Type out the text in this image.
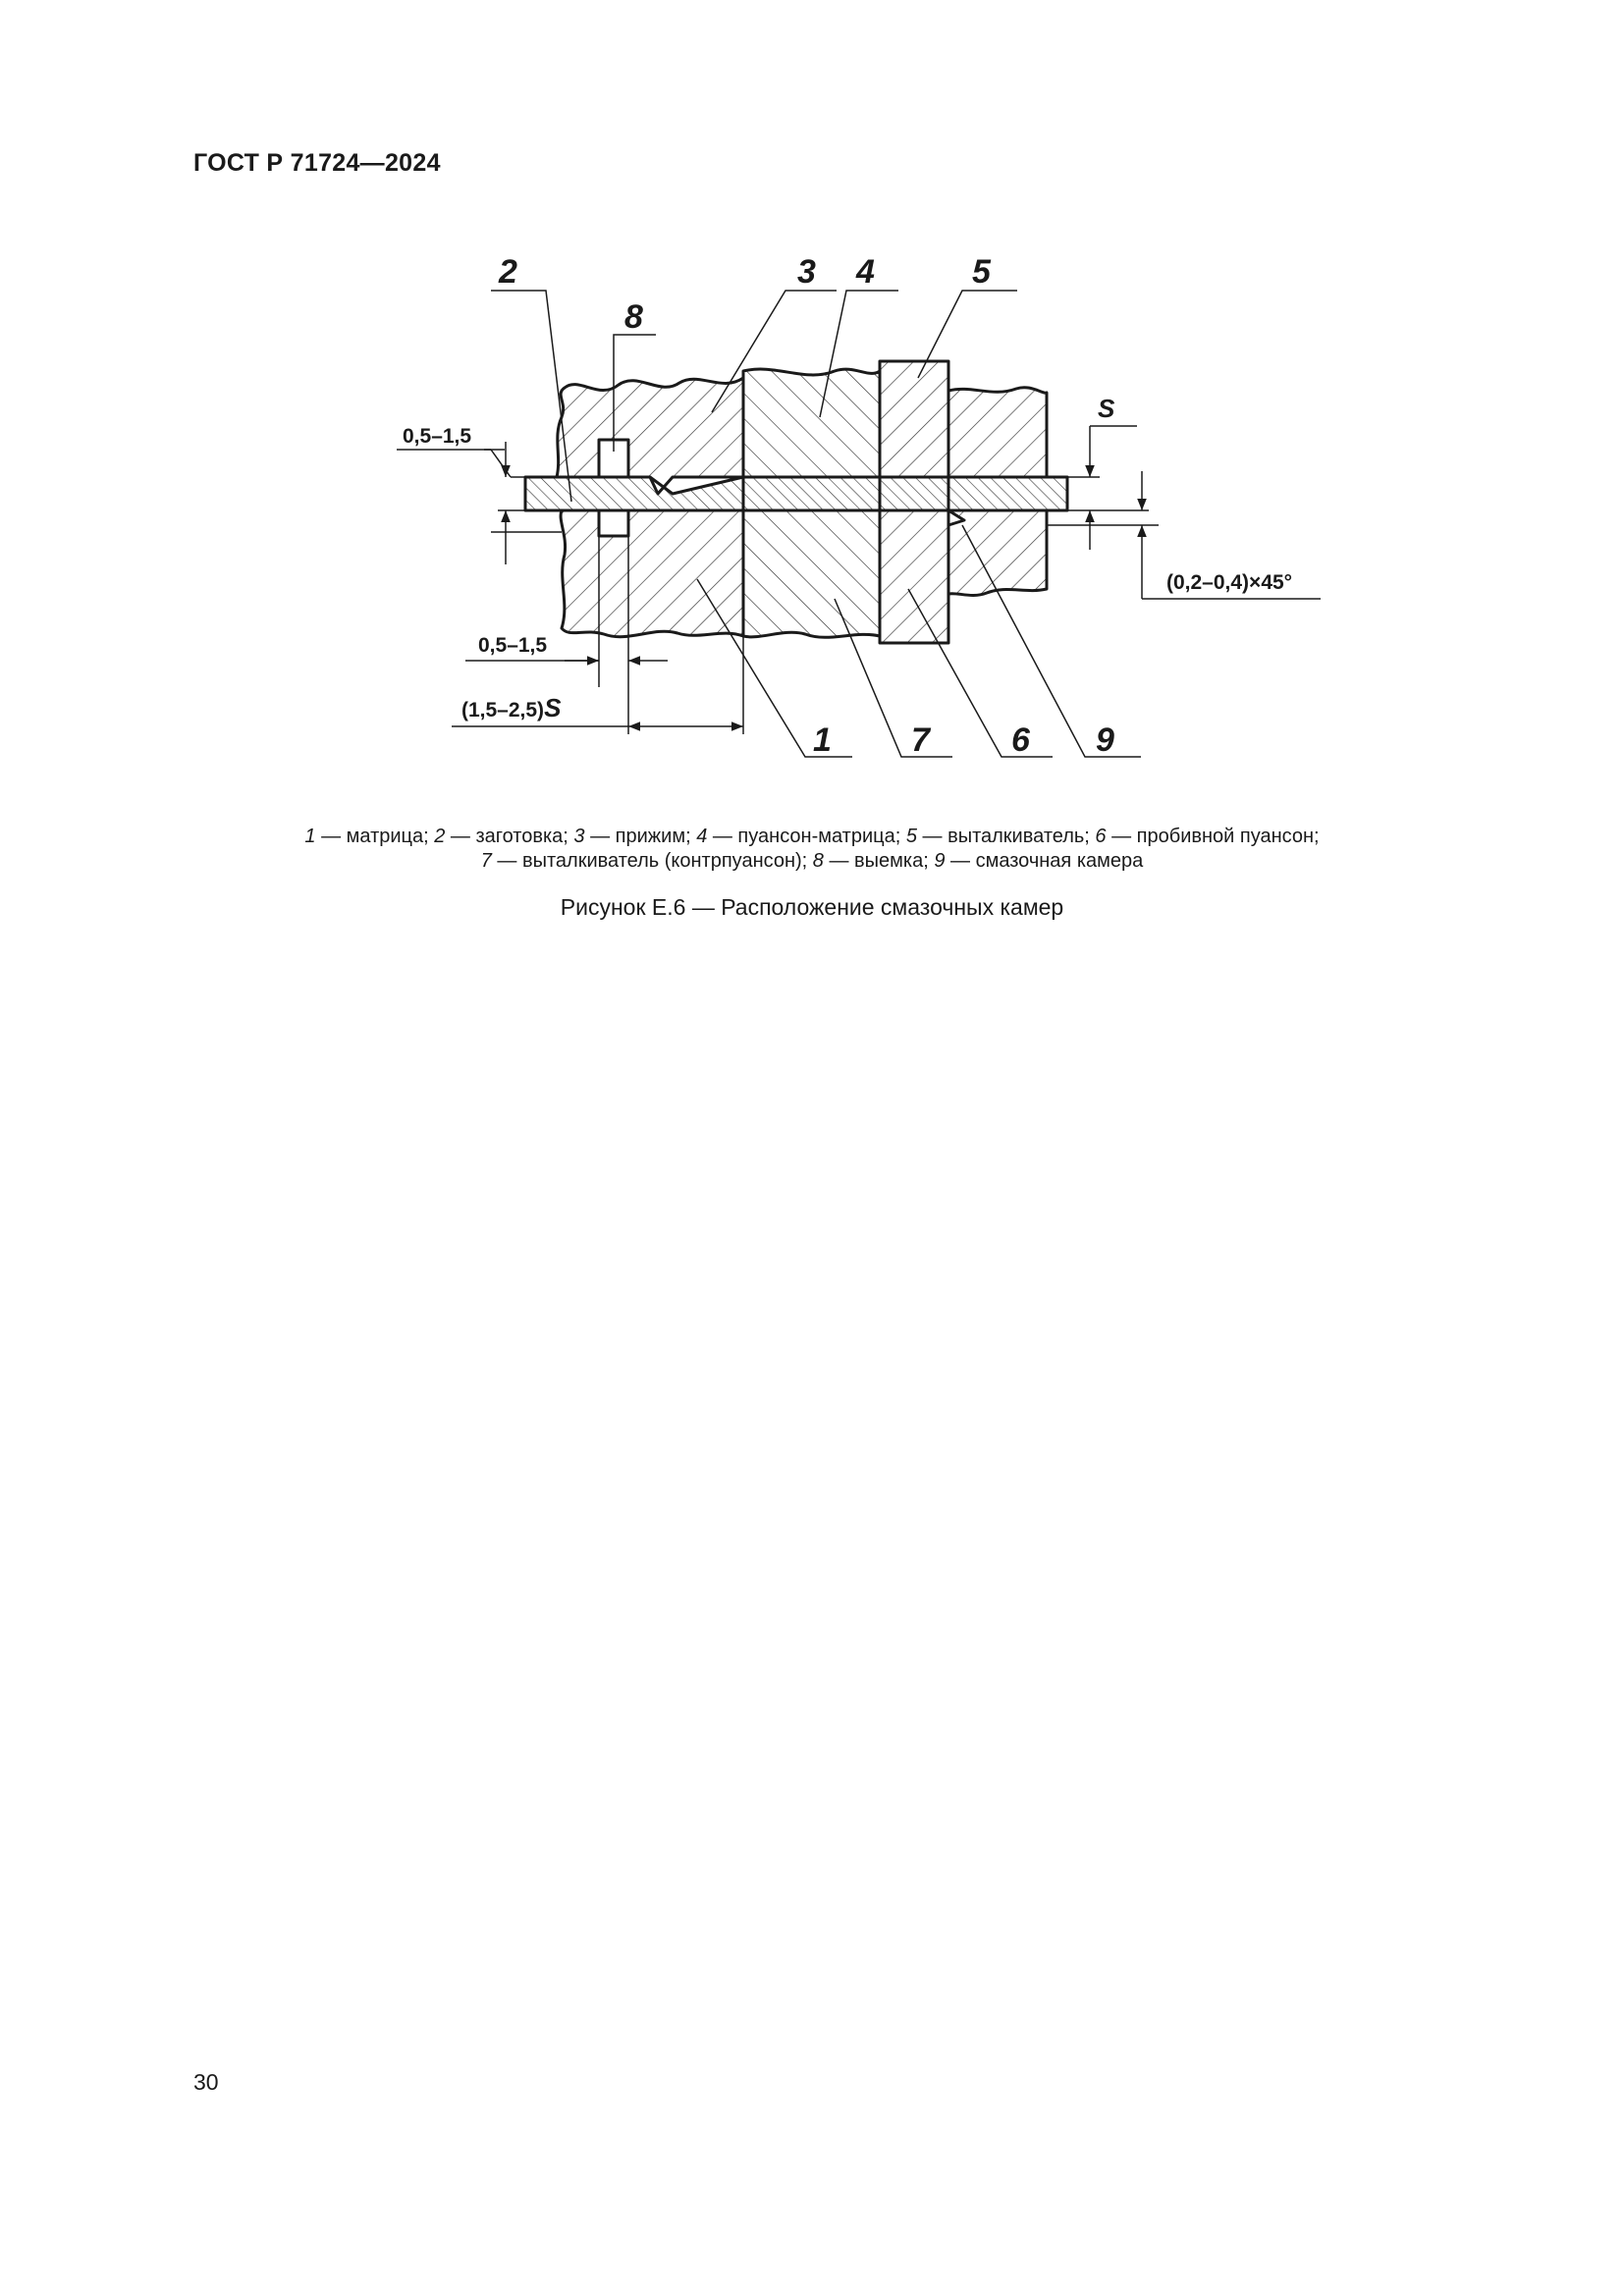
ГОСТ Р 71724—2024
2
8
3 4	5
1 7 6 9
0,5–1,5
0,5–1,5
(1,5–2,5)S
S
(0,2–0,4)×45°
1 — матрица; 2 — заготовка; 3 — прижим; 4 — пуансон-матрица; 5 — выталкиватель; 6 — пробивной пуансон;
7 — выталкиватель (контрпуансон); 8 — выемка; 9 — смазочная камера
Рисунок Е.6 — Расположение смазочных камер
30
